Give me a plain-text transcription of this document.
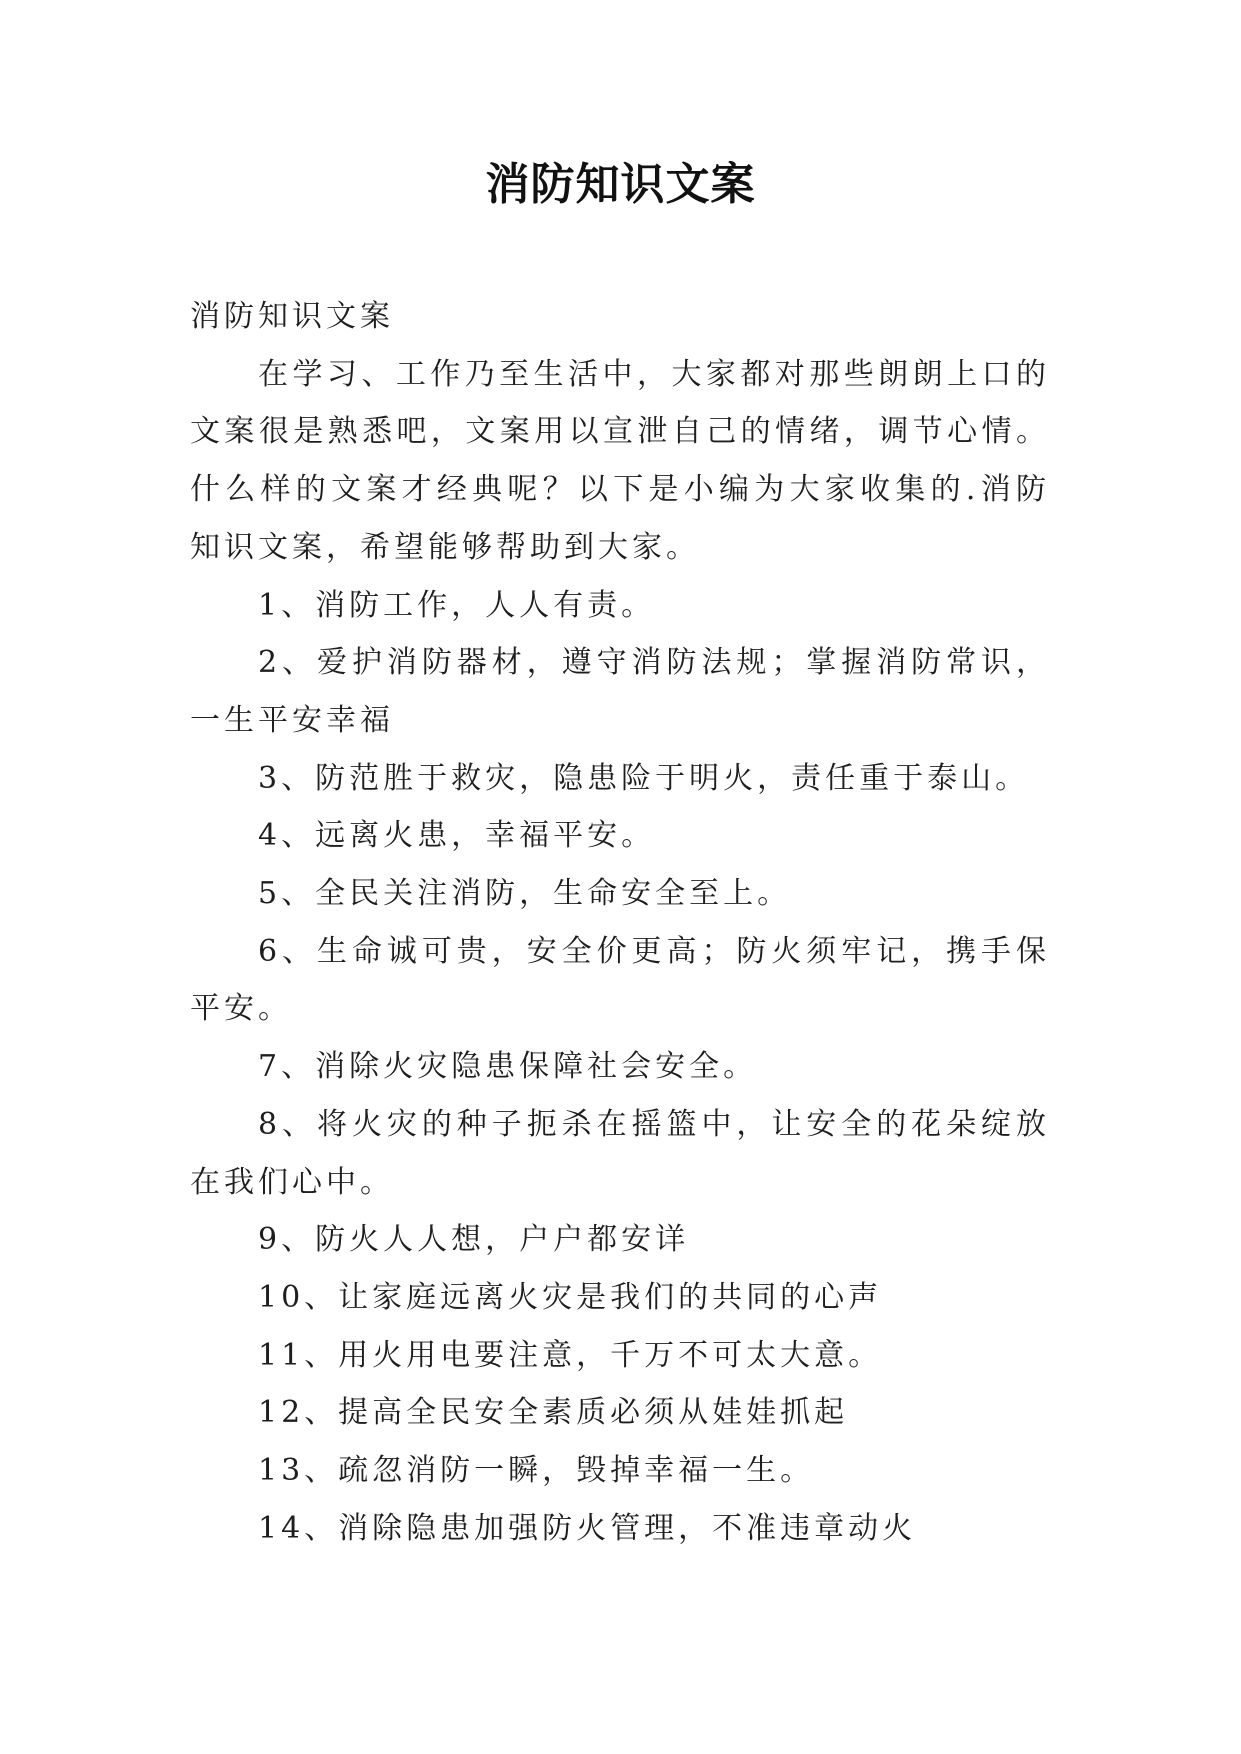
消防知识文案

消防知识文案

在学习、工作乃至生活中，大家都对那些朗朗上口的文案很是熟悉吧，文案用以宣泄自己的情绪，调节心情。什么样的文案才经典呢？以下是小编为大家收集的.消防知识文案，希望能够帮助到大家。

1、消防工作，人人有责。

2、爱护消防器材，遵守消防法规；掌握消防常识，一生平安幸福

3、防范胜于救灾，隐患险于明火，责任重于泰山。

4、远离火患，幸福平安。

5、全民关注消防，生命安全至上。

6、生命诚可贵，安全价更高；防火须牢记，携手保平安。

7、消除火灾隐患保障社会安全。

8、将火灾的种子扼杀在摇篮中，让安全的花朵绽放在我们心中。

9、防火人人想，户户都安详

10、让家庭远离火灾是我们的共同的心声

11、用火用电要注意，千万不可太大意。

12、提高全民安全素质必须从娃娃抓起

13、疏忽消防一瞬，毁掉幸福一生。

14、消除隐患加强防火管理，不准违章动火
